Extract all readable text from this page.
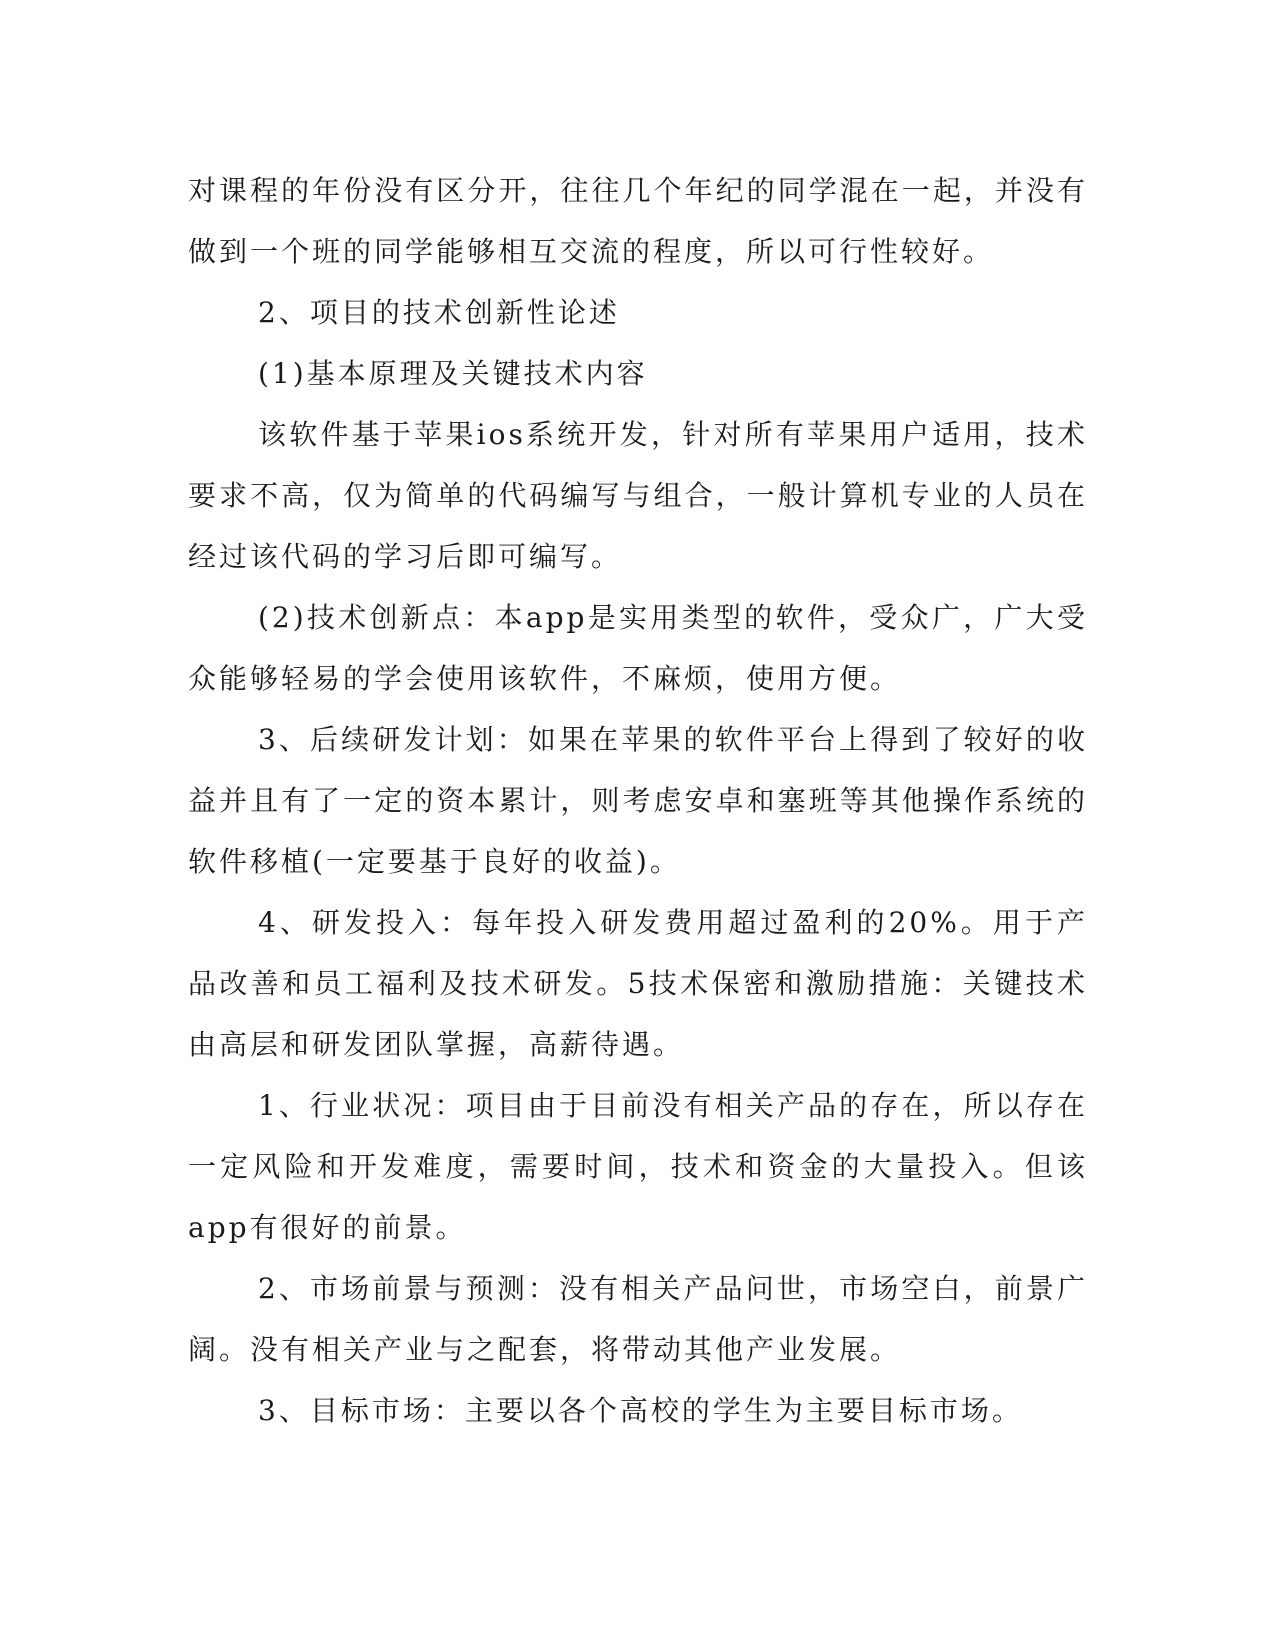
对课程的年份没有区分开，往往几个年纪的同学混在一起，并没有做到一个班的同学能够相互交流的程度，所以可行性较好。

2、项目的技术创新性论述

(1)基本原理及关键技术内容

该软件基于苹果ios系统开发，针对所有苹果用户适用，技术要求不高，仅为简单的代码编写与组合，一般计算机专业的人员在经过该代码的学习后即可编写。

(2)技术创新点：本app是实用类型的软件，受众广，广大受众能够轻易的学会使用该软件，不麻烦，使用方便。

3、后续研发计划：如果在苹果的软件平台上得到了较好的收益并且有了一定的资本累计，则考虑安卓和塞班等其他操作系统的软件移植(一定要基于良好的收益)。

4、研发投入：每年投入研发费用超过盈利的20%。用于产品改善和员工福利及技术研发。5技术保密和激励措施：关键技术由高层和研发团队掌握，高薪待遇。

1、行业状况：项目由于目前没有相关产品的存在，所以存在一定风险和开发难度，需要时间，技术和资金的大量投入。但该app有很好的前景。

2、市场前景与预测：没有相关产品问世，市场空白，前景广阔。没有相关产业与之配套，将带动其他产业发展。

3、目标市场：主要以各个高校的学生为主要目标市场。
